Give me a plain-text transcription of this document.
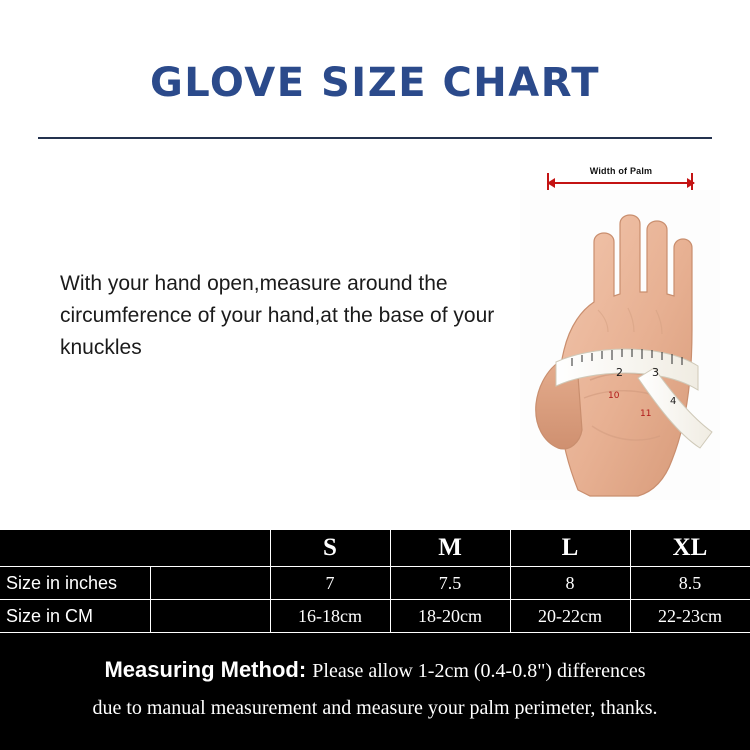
GLOVE SIZE CHART
With your hand open,measure around the circumference of your hand,at the base of your knuckles
Width of Palm
2	3
4
10
11
		S	M	L	XL
Size in inches		7	7.5	8	8.5
Size in CM		16-18cm	18-20cm	20-22cm	22-23cm
Measuring Method: Please allow 1-2cm (0.4-0.8") differences
due to manual measurement and measure your palm perimeter, thanks.
